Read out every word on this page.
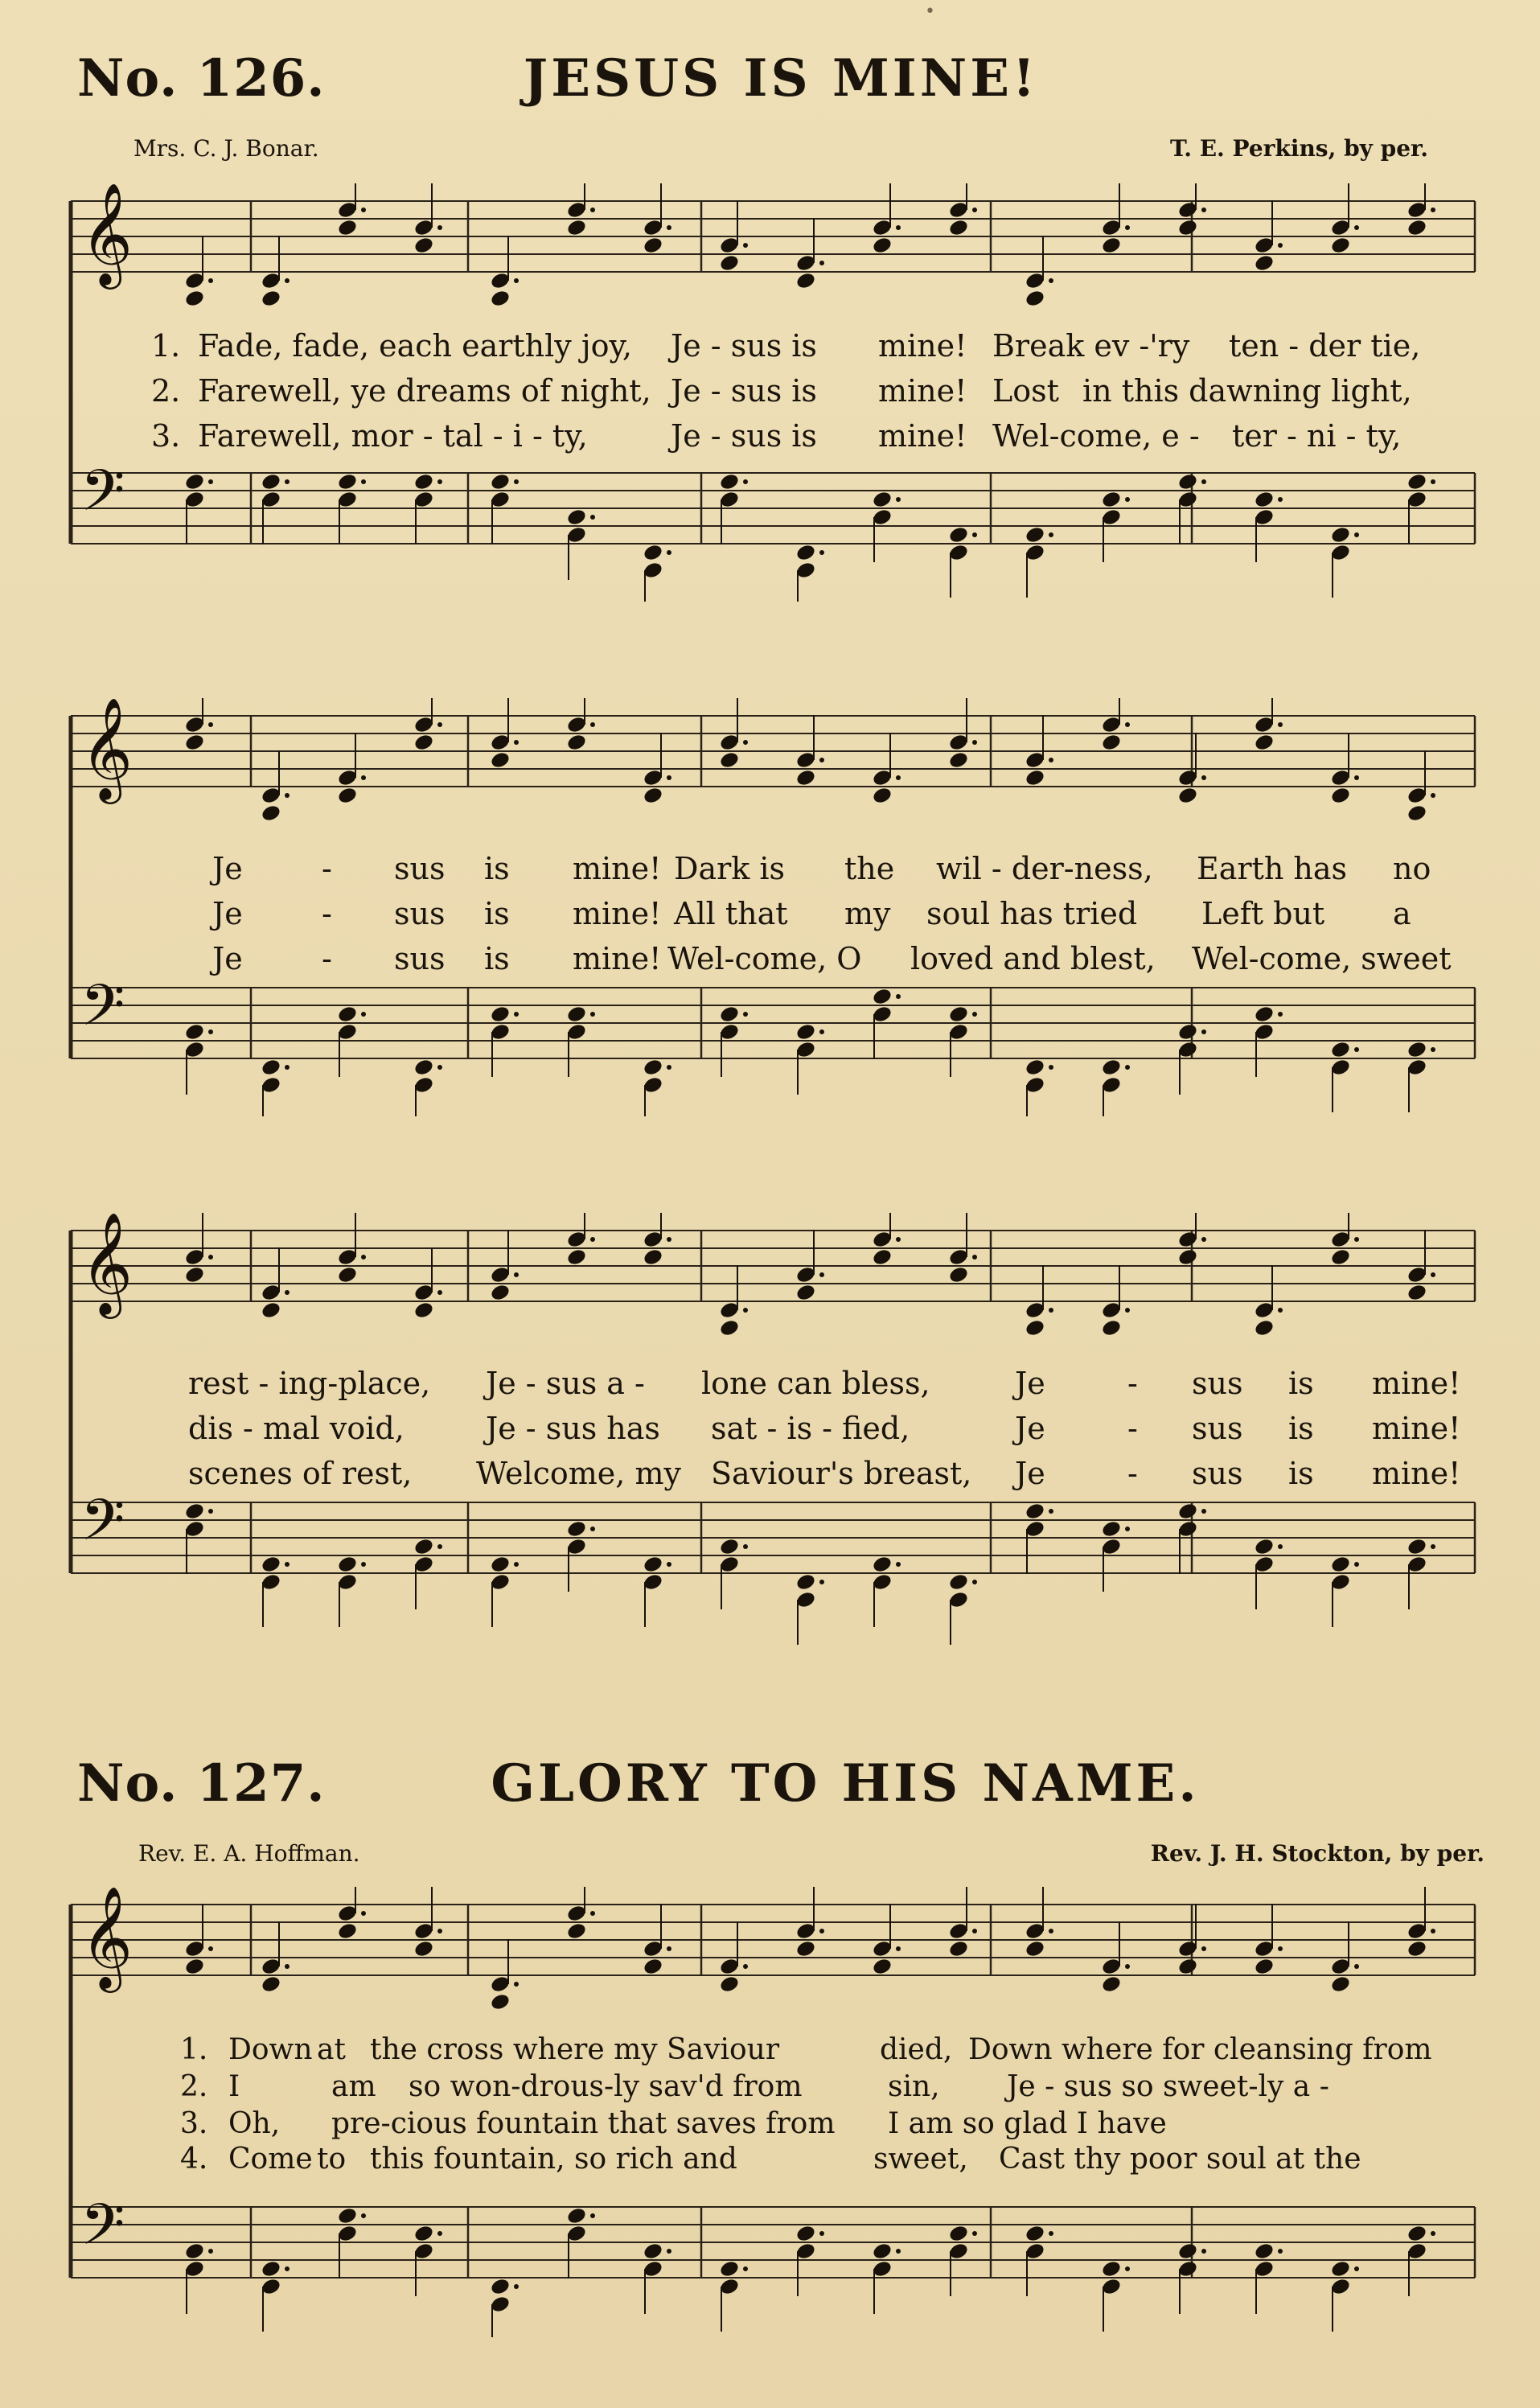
•
No. 126.	JESUS IS MINE!
Mrs. C. J. Bonar.	T. E. Perkins, by per.
𝄞
𝄢

1.

Fade, fade, each earthly joy,

Je - sus is

mine!

Break ev -'ry

ten - der tie,

2.

Farewell, ye dreams of night,

Je - sus is

mine!

Lost

in this dawning light,

3.

Farewell, mor - tal - i - ty,

	Je - sus is

mine!

Wel-come, e -

ter - ni - ty,

𝄞
𝄢

Je

	-

sus

is

mine!

Dark is

the

wil - der-ness,

Earth has

no

Je

	-

sus

is

mine!

All that

my

soul has tried

Left but

a

Je

	-

sus

is

mine!

Wel-come, O

loved and blest,

Wel-come, sweet

𝄞
𝄢

rest - ing-place,

Je - sus a -

lone can bless,

	Je

	-

sus

is

mine!

dis - mal void,

	Je - sus has

sat - is - fied,

	Je

	-

sus

is

mine!

scenes of rest,

Welcome, my

Saviour's breast,

Je

	-

sus

is

mine!

No. 127.	GLORY TO HIS NAME.
Rev. E. A. Hoffman.	Rev. J. H. Stockton, by per.
𝄞
𝄢

1.

Down

at

the cross where my Saviour

	died,

Down where for cleansing from

2.

I

	am

so won-drous-ly sav'd from

	sin,

Je - sus so sweet-ly a -

3.

Oh,

pre-cious fountain that saves from

I am so glad I have

4.

Come

to

this fountain, so rich and

	sweet,

Cast thy poor soul at the
